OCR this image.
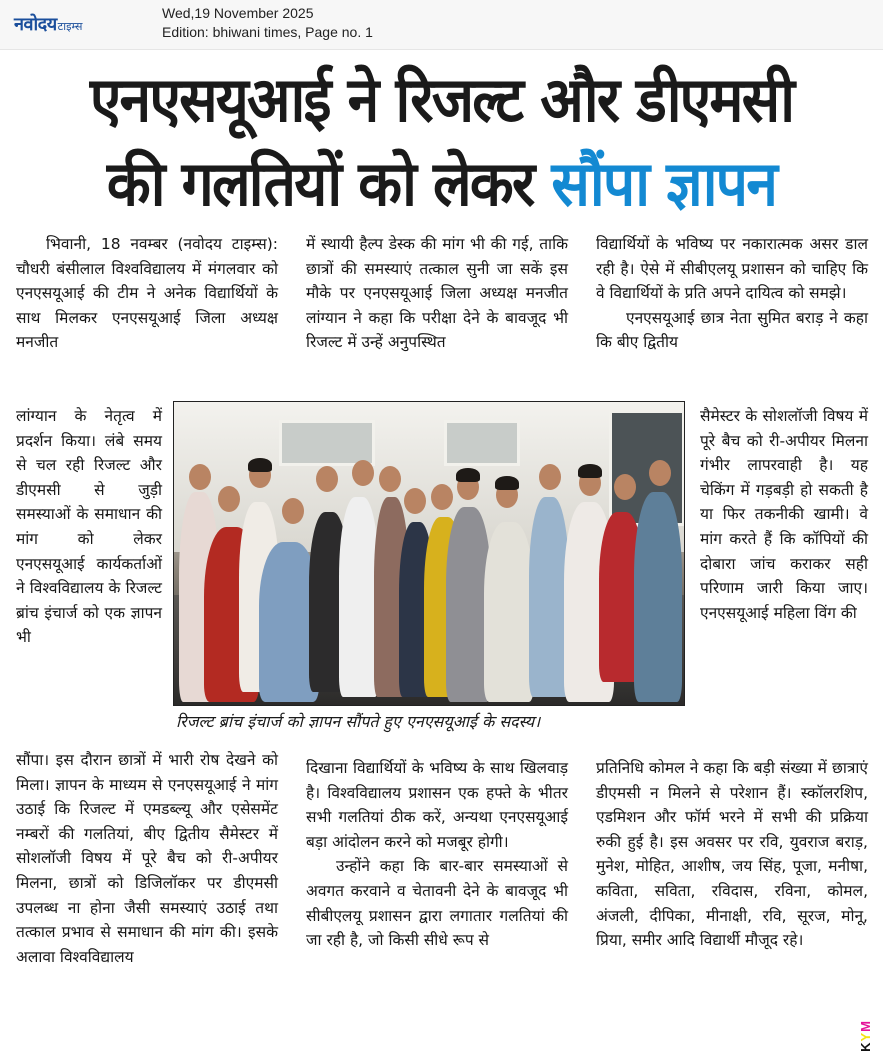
नवोदयटाइम्स
Wed,19 November 2025
Edition: bhiwani times, Page no. 1
एनएसयूआई ने रिजल्ट और डीएमसी
की गलतियों को लेकर सौंपा ज्ञापन

भिवानी, 18 नवम्बर (नवोदय टाइम्स): चौधरी बंसीलाल विश्वविद्यालय में मंगलवार को एनएसयूआई की टीम ने अनेक विद्यार्थियों के साथ मिलकर एनएसयूआई जिला अध्यक्ष मनजीत

लांग्यान के नेतृत्व में प्रदर्शन किया। लंबे समय से चल रही रिजल्ट और डीएमसी से जुड़ी समस्याओं के समाधान की मांग को लेकर एनएसयूआई कार्यकर्ताओं ने विश्वविद्यालय के रिजल्ट ब्रांच इंचार्ज को एक ज्ञापन भी

सौंपा। इस दौरान छात्रों में भारी रोष देखने को मिला। ज्ञापन के माध्यम से एनएसयूआई ने मांग उठाई कि रिजल्ट में एमडब्ल्यू और एसेसमेंट नम्बरों की गलतियां, बीए द्वितीय सैमेस्टर में सोशलॉजी विषय में पूरे बैच को री-अपीयर मिलना, छात्रों को डिजिलॉकर पर डीएमसी उपलब्ध ना होना जैसी समस्याएं उठाई तथा तत्काल प्रभाव से समाधान की मांग की। इसके अलावा विश्वविद्यालय

में स्थायी हैल्प डेस्क की मांग भी की गई, ताकि छात्रों की समस्याएं तत्काल सुनी जा सकें इस मौके पर एनएसयूआई जिला अध्यक्ष मनजीत लांग्यान ने कहा कि परीक्षा देने के बावजूद भी रिजल्ट में उन्हें अनुपस्थित

दिखाना विद्यार्थियों के भविष्य के साथ खिलवाड़ है। विश्वविद्यालय प्रशासन एक हफ्ते के भीतर सभी गलतियां ठीक करें, अन्यथा एनएसयूआई बड़ा आंदोलन करने को मजबूर होगी।

उन्होंने कहा कि बार-बार समस्याओं से अवगत करवाने व चेतावनी देने के बावजूद भी सीबीएलयू प्रशासन द्वारा लगातार गलतियां की जा रही है, जो किसी सीधे रूप से

विद्यार्थियों के भविष्य पर नकारात्मक असर डाल रही है। ऐसे में सीबीएलयू प्रशासन को चाहिए कि वे विद्यार्थियों के प्रति अपने दायित्व को समझे।

एनएसयूआई छात्र नेता सुमित बराड़ ने कहा कि बीए द्वितीय

सैमेस्टर के सोशलॉजी विषय में पूरे बैच को री-अपीयर मिलना गंभीर लापरवाही है। यह चेकिंग में गड़बड़ी हो सकती है या फिर तकनीकी खामी। वे मांग करते हैं कि कॉपियों की दोबारा जांच कराकर सही परिणाम जारी किया जाए। एनएसयूआई महिला विंग की

प्रतिनिधि कोमल ने कहा कि बड़ी संख्या में छात्राएं डीएमसी न मिलने से परेशान हैं। स्कॉलरशिप, एडमिशन और फॉर्म भरने में सभी की प्रक्रिया रुकी हुई है। इस अवसर पर रवि, युवराज बराड़, मुनेश, मोहित, आशीष, जय सिंह, पूजा, मनीषा, कविता, सविता, रविदास, रविना, कोमल, अंजली, दीपिका, मीनाक्षी, रवि, सूरज, मोनू, प्रिया, समीर आदि विद्यार्थी मौजूद रहे।

रिजल्ट ब्रांच इंचार्ज को ज्ञापन सौंपते हुए एनएसयूआई के सदस्य।
KYM
